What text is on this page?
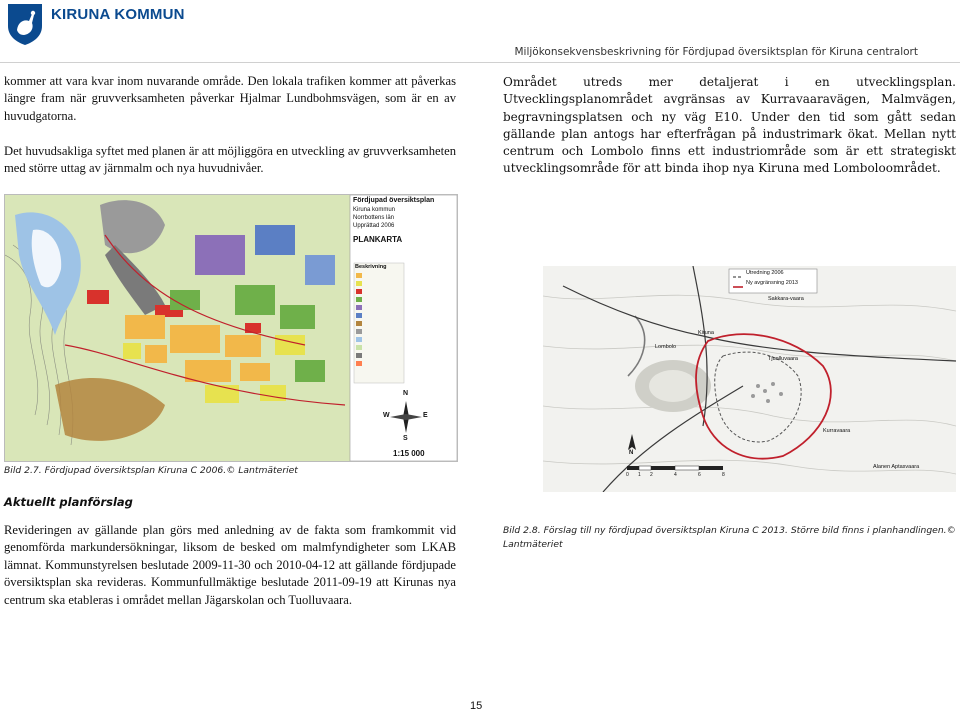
KIRUNA KOMMUN
Miljökonsekvensbeskrivning för Fördjupad översiktsplan för Kiruna centralort

kommer att vara kvar inom nuvarande område. Den lokala trafiken kommer att påverkas längre fram när gruvverksamheten påverkar Hjalmar Lundbohmsvägen, som är en av huvudgatorna.

Det huvudsakliga syftet med planen är att möjliggöra en utveckling av gruvverksamheten med större uttag av järnmalm och nya huvudnivåer.

Området utreds mer detaljerat i en utvecklingsplan. Utvecklingsplanområdet avgränsas av Kurravaaravägen, Malmvägen, begravningsplatsen och ny väg E10. Under den tid som gått sedan gällande plan antogs har efterfrågan på industrimark ökat. Mellan nytt centrum och Lombolo finns ett industriområde som är ett strategiskt utvecklingsområde för att binda ihop nya Kiruna med Lomboloområdet.

Fördjupad översiktsplan
Kiruna kommun
Norrbottens län
Upprättad 2006
PLANKARTA
Beskrivning
N
S
W	E
1:15 000
Bild 2.7. Fördjupad översiktsplan Kiruna C 2006.© Lantmäteriet
Utredning 2006
Ny avgränsning 2013
Sakkara-vaara
Kiruna
Tjuolluvaara
Lombolo
Alanen Aptasvaara
Kurravaara
N
0 1 2	4	6	8
Bild 2.8. Förslag till ny fördjupad översiktsplan Kiruna C 2013. Större bild finns i planhandlingen.© Lantmäteriet
Aktuellt planförslag

Revideringen av gällande plan görs med anledning av de fakta som framkommit vid genomförda markundersökningar, liksom de besked om malmfyndigheter som LKAB lämnat. Kommunstyrelsen beslutade 2009-11-30 och 2010-04-12 att gällande fördjupade översiktsplan ska revideras. Kommunfullmäktige beslutade 2011-09-19 att Kirunas nya centrum ska etableras i området mellan Jägarskolan och Tuolluvaara.

15
